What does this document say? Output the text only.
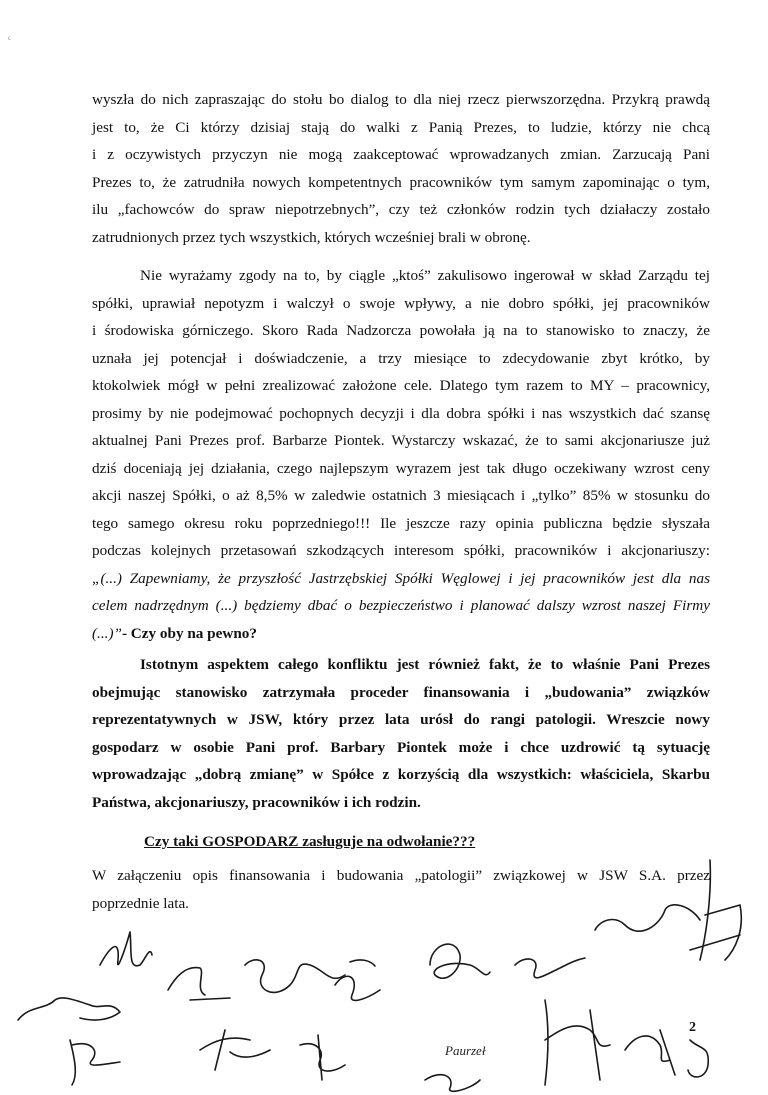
c
wyszła do nich zapraszając do stołu bo dialog to dla niej rzecz pierwszorzędna. Przykrą prawdą
jest to, że Ci którzy dzisiaj stają do walki z Panią Prezes, to ludzie, którzy nie chcą
i z oczywistych przyczyn nie mogą zaakceptować wprowadzanych zmian. Zarzucają Pani
Prezes to, że zatrudniła nowych kompetentnych pracowników tym samym zapominając o tym,
ilu „fachowców do spraw niepotrzebnych”, czy też członków rodzin tych działaczy zostało
zatrudnionych przez tych wszystkich, których wcześniej brali w obronę.
Nie wyrażamy zgody na to, by ciągle „ktoś” zakulisowo ingerował w skład Zarządu tej
spółki, uprawiał nepotyzm i walczył o swoje wpływy, a nie dobro spółki, jej pracowników
i środowiska górniczego. Skoro Rada Nadzorcza powołała ją na to stanowisko to znaczy, że
uznała jej potencjał i doświadczenie, a trzy miesiące to zdecydowanie zbyt krótko, by
ktokolwiek mógł w pełni zrealizować założone cele. Dlatego tym razem to MY – pracownicy,
prosimy by nie podejmować pochopnych decyzji i dla dobra spółki i nas wszystkich dać szansę
aktualnej Pani Prezes prof. Barbarze Piontek. Wystarczy wskazać, że to sami akcjonariusze już
dziś doceniają jej działania, czego najlepszym wyrazem jest tak długo oczekiwany wzrost ceny
akcji naszej Spółki, o aż 8,5% w zaledwie ostatnich 3 miesiącach i „tylko” 85% w stosunku do
tego samego okresu roku poprzedniego!!! Ile jeszcze razy opinia publiczna będzie słyszała
podczas kolejnych przetasowań szkodzących interesom spółki, pracowników i akcjonariuszy:
„(...) Zapewniamy, że przyszłość Jastrzębskiej Spółki Węglowej i jej pracowników jest dla nas
celem nadrzędnym (...) będziemy dbać o bezpieczeństwo i planować dalszy wzrost naszej Firmy
(...)”- Czy oby na pewno?
Istotnym aspektem całego konfliktu jest również fakt, że to właśnie Pani Prezes
obejmując stanowisko zatrzymała proceder finansowania i „budowania” związków
reprezentatywnych w JSW, który przez lata urósł do rangi patologii. Wreszcie nowy
gospodarz w osobie Pani prof. Barbary Piontek może i chce uzdrowić tą sytuację
wprowadzając „dobrą zmianę” w Spółce z korzyścią dla wszystkich: właściciela, Skarbu
Państwa, akcjonariuszy, pracowników i ich rodzin.
Czy taki GOSPODARZ zasługuje na odwołanie???
W załączeniu opis finansowania i budowania „patologii” związkowej w JSW S.A. przez
poprzednie lata.
Paurzeł
2
